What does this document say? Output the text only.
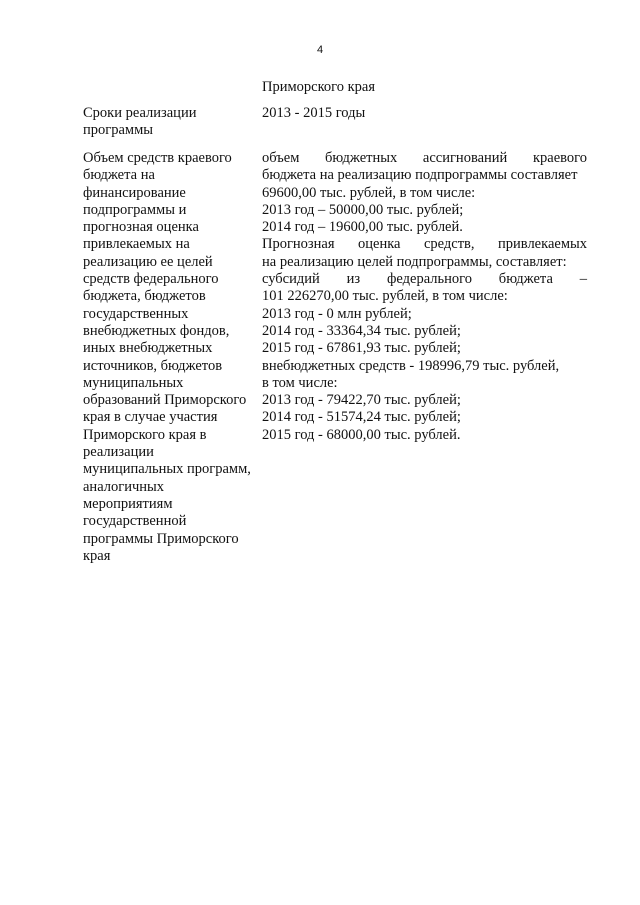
4
Приморского края
Сроки реализации
программы
2013 - 2015 годы
Объем средств краевого
бюджета на
финансирование
подпрограммы и
прогнозная оценка
привлекаемых на
реализацию ее целей
средств федерального
бюджета, бюджетов
государственных
внебюджетных фондов,
иных внебюджетных
источников, бюджетов
муниципальных
образований Приморского
края в случае участия
Приморского края в
реализации
муниципальных программ,
аналогичных
мероприятиям
государственной
программы Приморского
края
объем бюджетных ассигнований краевого
бюджета на реализацию подпрограммы составляет
69600,00 тыс. рублей, в том числе:
2013 год – 50000,00 тыс. рублей;
2014 год – 19600,00 тыс. рублей.
Прогнозная оценка средств, привлекаемых
на реализацию целей подпрограммы, составляет:
субсидий из федерального бюджета –
101 226270,00 тыс. рублей, в том числе:
2013 год - 0 млн рублей;
2014 год - 33364,34 тыс. рублей;
2015 год - 67861,93 тыс. рублей;
внебюджетных средств - 198996,79 тыс. рублей,
в том числе:
2013 год - 79422,70 тыс. рублей;
2014 год - 51574,24 тыс. рублей;
2015 год - 68000,00 тыс. рублей.
